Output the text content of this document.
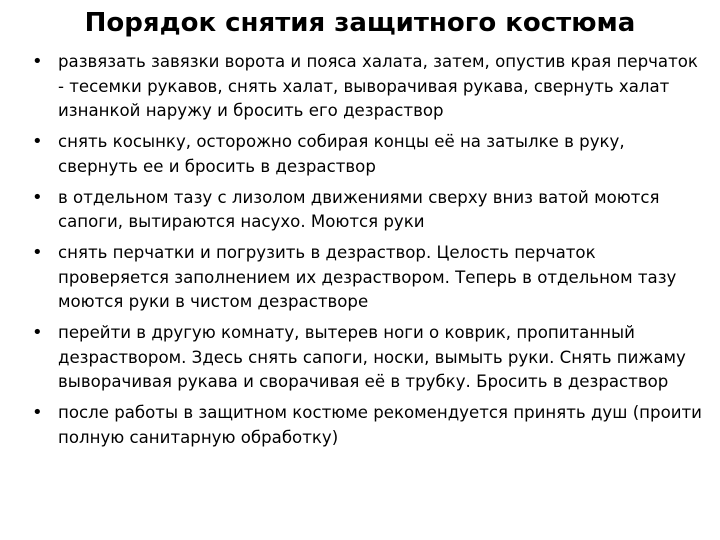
Порядок снятия защитного костюма
• развязать завязки ворота и пояса халата, затем, опустив края перчаток - тесемки рукавов, снять халат, выворачивая рукава, свернуть халат изнанкой наружу и бросить его дезраствор
• снять косынку, осторожно собирая концы её на затылке в руку, свернуть ее и бросить в дезраствор
• в отдельном тазу с лизолом движениями сверху вниз ватой моются сапоги, вытираются насухо. Моются руки
• снять перчатки и погрузить в дезраствор. Целость перчаток проверяется заполнением их дезраствором. Теперь в отдельном тазу моются руки в чистом дезрастворе
• перейти в другую комнату, вытерев ноги о коврик, пропитанный дезраствором. Здесь снять сапоги, носки, вымыть руки. Снять пижаму выворачивая рукава и сворачивая её в трубку. Бросить в дезраствор
• после работы в защитном костюме рекомендуется принять душ (проити полную санитарную обработку)
